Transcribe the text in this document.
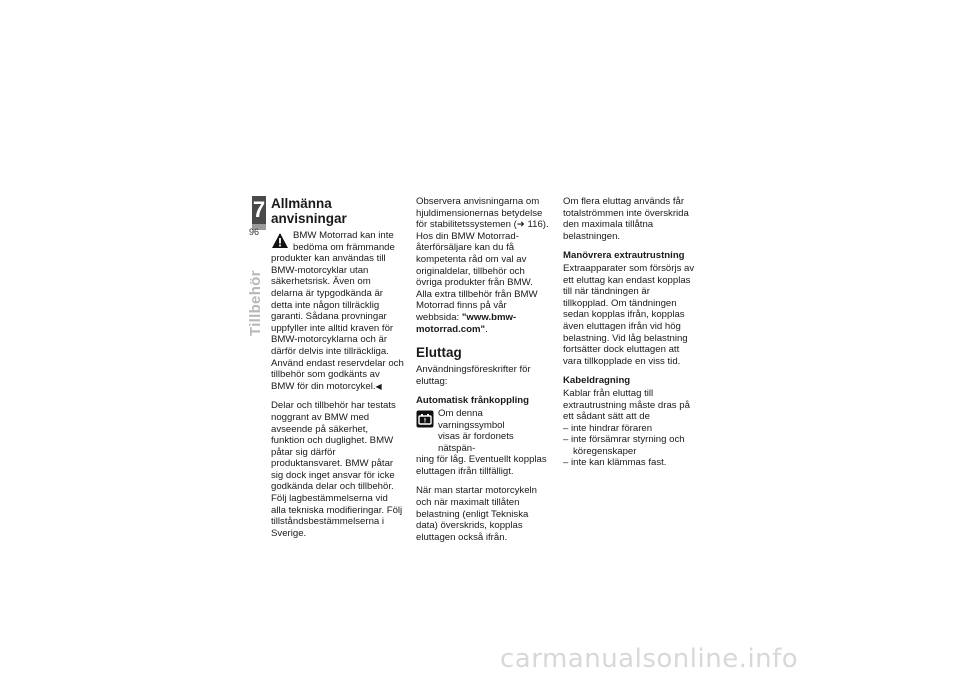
7
96
Tillbehör
Allmänna anvisningar
BMW Motorrad kan inte
bedöma om främmande

produkter kan användas till BMW-motorcyklar utan säkerhetsrisk. Även om delarna är typgodkända är detta inte någon tillräcklig garanti. Sådana provningar uppfyller inte alltid kraven för BMW-motorcyklarna och är därför delvis inte tillräckliga.

Använd endast reservdelar och tillbehör som godkänts av BMW för din motorcykel.◀

Delar och tillbehör har testats noggrant av BMW med avseende på säkerhet, funktion och duglighet. BMW påtar sig därför produktansvaret. BMW påtar sig dock inget ansvar för icke godkända delar och tillbehör.

Följ lagbestämmelserna vid alla tekniska modifieringar. Följ tillståndsbestämmelserna i Sverige.

Observera anvisningarna om hjuldimensionernas betydelse för stabilitetssystemen (➜ 116). Hos din BMW Motorrad-återförsäljare kan du få kompetenta råd om val av originaldelar, tillbehör och övriga produkter från BMW. Alla extra tillbehör från BMW Motorrad finns på vår webbsida: "www.bmw-motorrad.com".

Eluttag

Användningsföreskrifter för eluttag:

Automatisk frånkoppling
!
Om denna varningssymbol
visas är fordonets nätspän-

ning för låg. Eventuellt kopplas eluttagen ifrån tillfälligt.

När man startar motorcykeln och när maximalt tillåten belastning (enligt Tekniska data) överskrids, kopplas eluttagen också ifrån.

Om flera eluttag används får totalströmmen inte överskrida den maximala tillåtna belastningen.

Manövrera extrautrustning

Extraapparater som försörjs av ett eluttag kan endast kopplas till när tändningen är tillkopplad. Om tändningen sedan kopplas ifrån, kopplas även eluttagen ifrån vid hög belastning. Vid låg belastning fortsätter dock eluttagen att vara tillkopplade en viss tid.

Kabeldragning

Kablar från eluttag till extrautrustning måste dras på ett sådant sätt att de

– inte hindrar föraren
– inte försämrar styrning och köregenskaper
– inte kan klämmas fast.
carmanualsonline.info
